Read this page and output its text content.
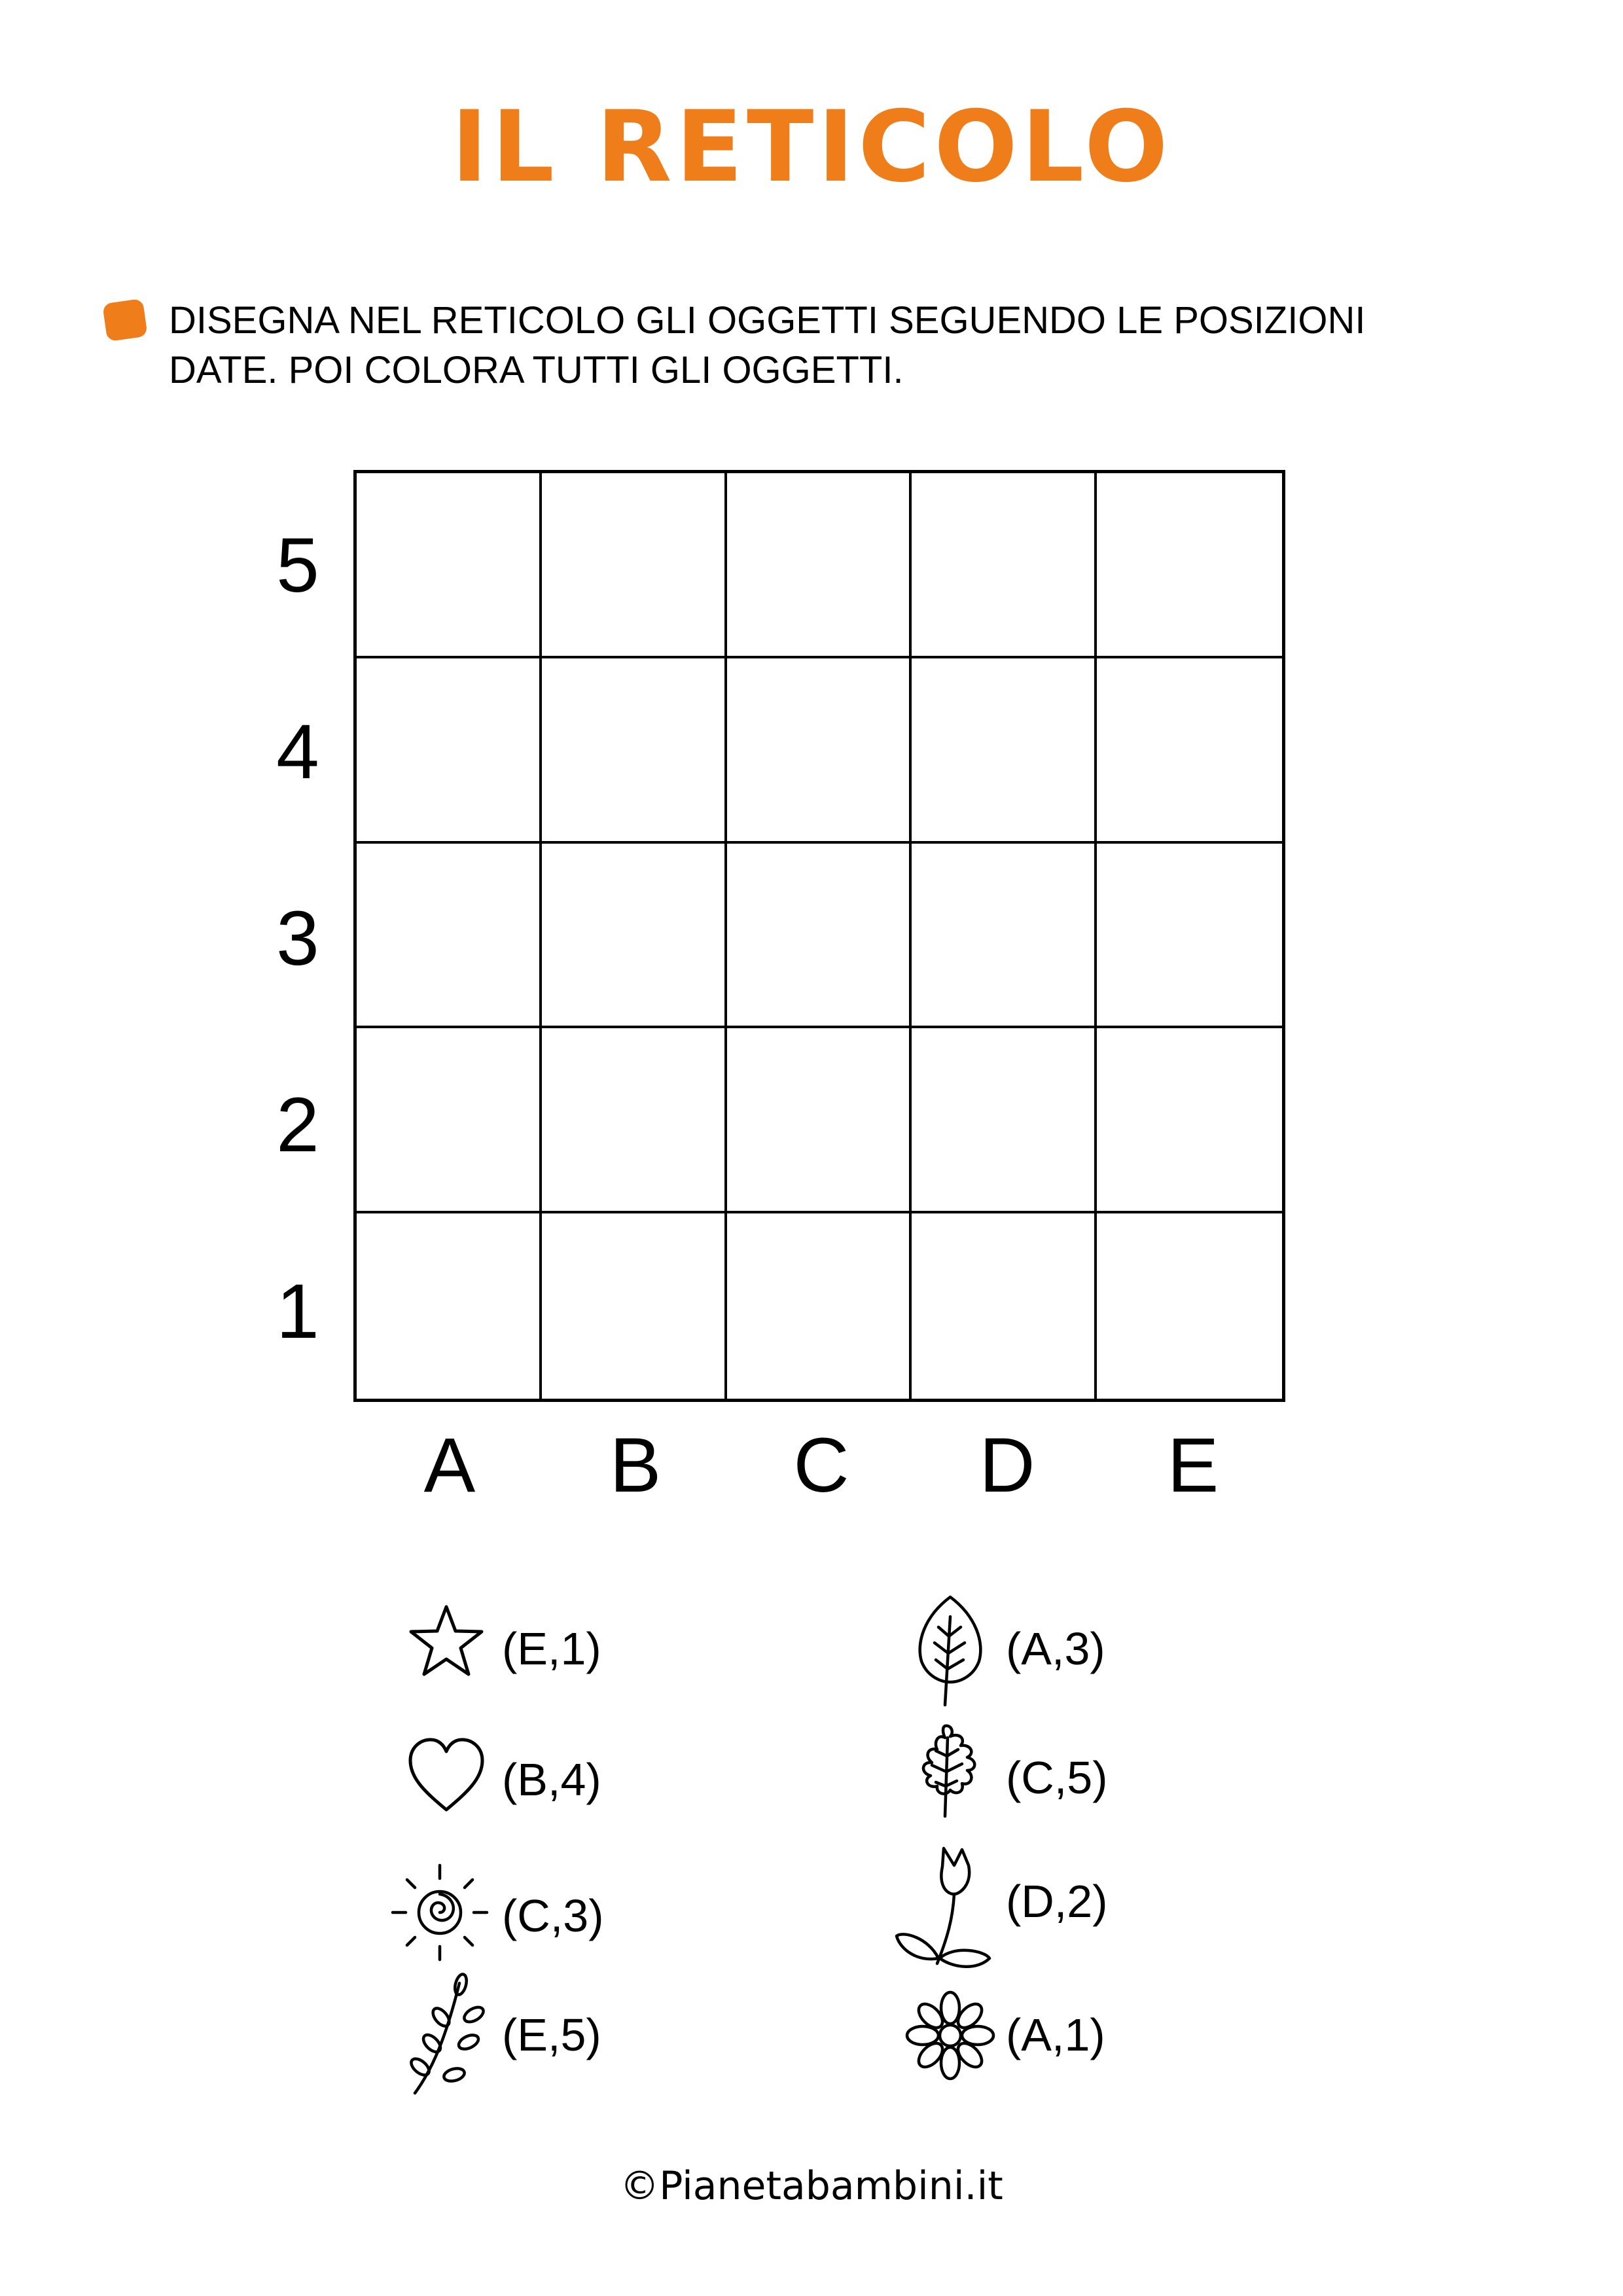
IL RETICOLO
DISEGNA NEL RETICOLO GLI OGGETTI SEGUENDO LE POSIZIONI
DATE. POI COLORA TUTTI GLI OGGETTI.
5
4
3
2
1
A	B	C	D	E
(E,1)
(B,4)
(C,3)
(E,5)
(A,3)
(C,5)
(D,2)
(A,1)
©Pianetabambini.it
